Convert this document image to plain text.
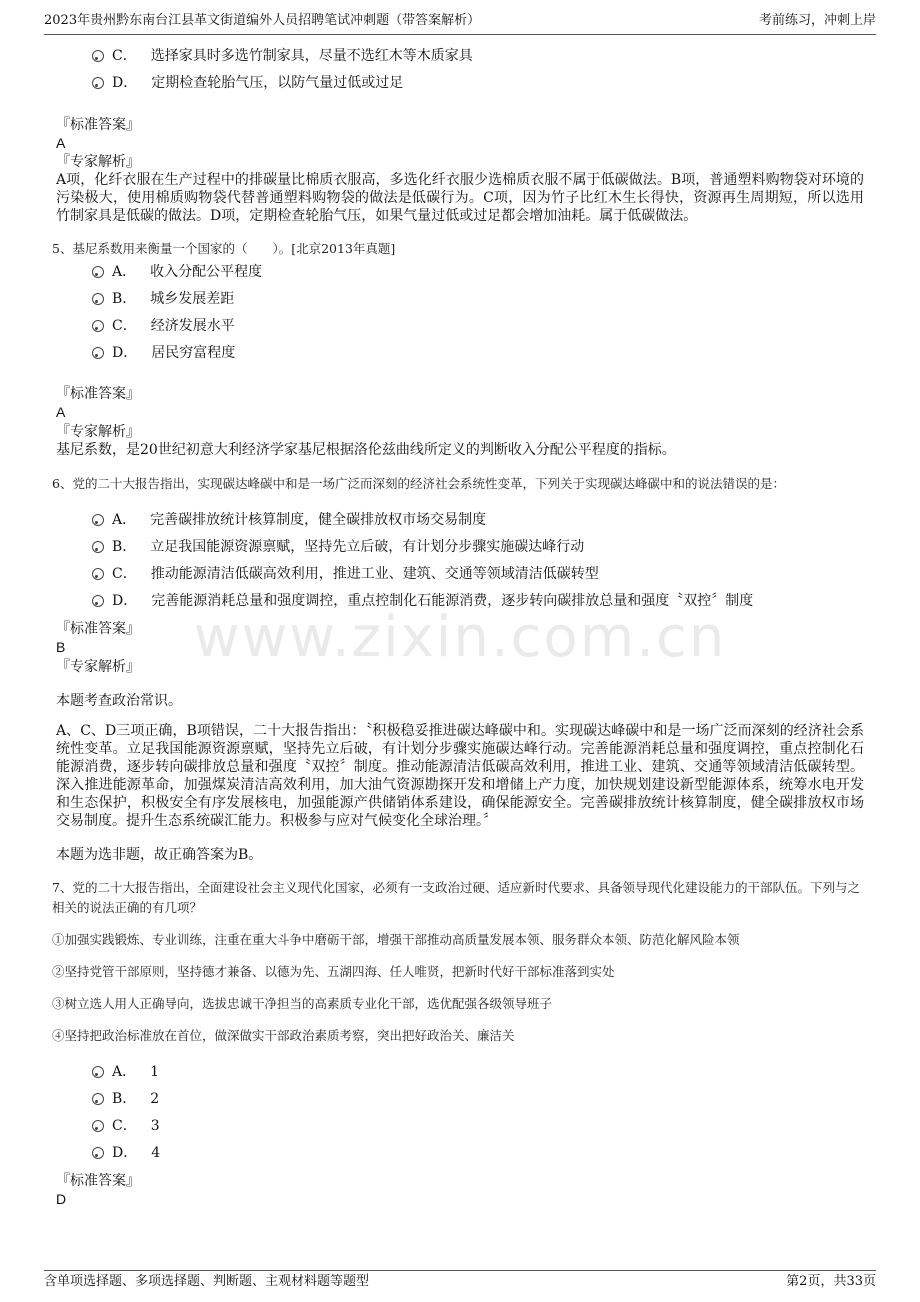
2023年贵州黔东南台江县革文街道编外人员招聘笔试冲刺题（带答案解析）	考前练习，冲刺上岸
www.zixin.com.cn
C． 选择家具时多选竹制家具，尽量不选红木等木质家具
D． 定期检查轮胎气压，以防气量过低或过足
『标准答案』
A
『专家解析』
A项，化纤衣服在生产过程中的排碳量比棉质衣服高，多选化纤衣服少选棉质衣服不属于低碳做法。B项，普通塑料购物袋对环境的污染极大，使用棉质购物袋代替普通塑料购物袋的做法是低碳行为。C项，因为竹子比红木生长得快，资源再生周期短，所以选用竹制家具是低碳的做法。D项，定期检查轮胎气压，如果气量过低或过足都会增加油耗。属于低碳做法。
5、基尼系数用来衡量一个国家的（　　）。[北京2013年真题]
A． 收入分配公平程度
B． 城乡发展差距
C． 经济发展水平
D． 居民穷富程度
『标准答案』
A
『专家解析』
基尼系数，是20世纪初意大利经济学家基尼根据洛伦兹曲线所定义的判断收入分配公平程度的指标。
6、党的二十大报告指出，实现碳达峰碳中和是一场广泛而深刻的经济社会系统性变革，下列关于实现碳达峰碳中和的说法错误的是：
A． 完善碳排放统计核算制度，健全碳排放权市场交易制度
B． 立足我国能源资源禀赋，坚持先立后破，有计划分步骤实施碳达峰行动
C． 推动能源清洁低碳高效利用，推进工业、建筑、交通等领域清洁低碳转型
D． 完善能源消耗总量和强度调控，重点控制化石能源消费，逐步转向碳排放总量和强度〝双控〞制度
『标准答案』
B
『专家解析』
本题考查政治常识。
A、C、D三项正确，B项错误，二十大报告指出：〝积极稳妥推进碳达峰碳中和。实现碳达峰碳中和是一场广泛而深刻的经济社会系统性变革。立足我国能源资源禀赋，坚持先立后破，有计划分步骤实施碳达峰行动。完善能源消耗总量和强度调控，重点控制化石能源消费，逐步转向碳排放总量和强度〝双控〞制度。推动能源清洁低碳高效利用，推进工业、建筑、交通等领域清洁低碳转型。深入推进能源革命，加强煤炭清洁高效利用，加大油气资源勘探开发和增储上产力度，加快规划建设新型能源体系，统筹水电开发和生态保护，积极安全有序发展核电，加强能源产供储销体系建设，确保能源安全。完善碳排放统计核算制度，健全碳排放权市场交易制度。提升生态系统碳汇能力。积极参与应对气候变化全球治理。〞
本题为选非题，故正确答案为B。
7、党的二十大报告指出，全面建设社会主义现代化国家，必须有一支政治过硬、适应新时代要求、具备领导现代化建设能力的干部队伍。下列与之相关的说法正确的有几项？
①加强实践锻炼、专业训练，注重在重大斗争中磨砺干部，增强干部推动高质量发展本领、服务群众本领、防范化解风险本领
②坚持党管干部原则，坚持德才兼备、以德为先、五湖四海、任人唯贤，把新时代好干部标准落到实处
③树立选人用人正确导向，选拔忠诚干净担当的高素质专业化干部，选优配强各级领导班子
④坚持把政治标准放在首位，做深做实干部政治素质考察，突出把好政治关、廉洁关
A． 1
B． 2
C． 3
D． 4
『标准答案』
D
含单项选择题、多项选择题、判断题、主观材料题等题型	第2页，共33页
